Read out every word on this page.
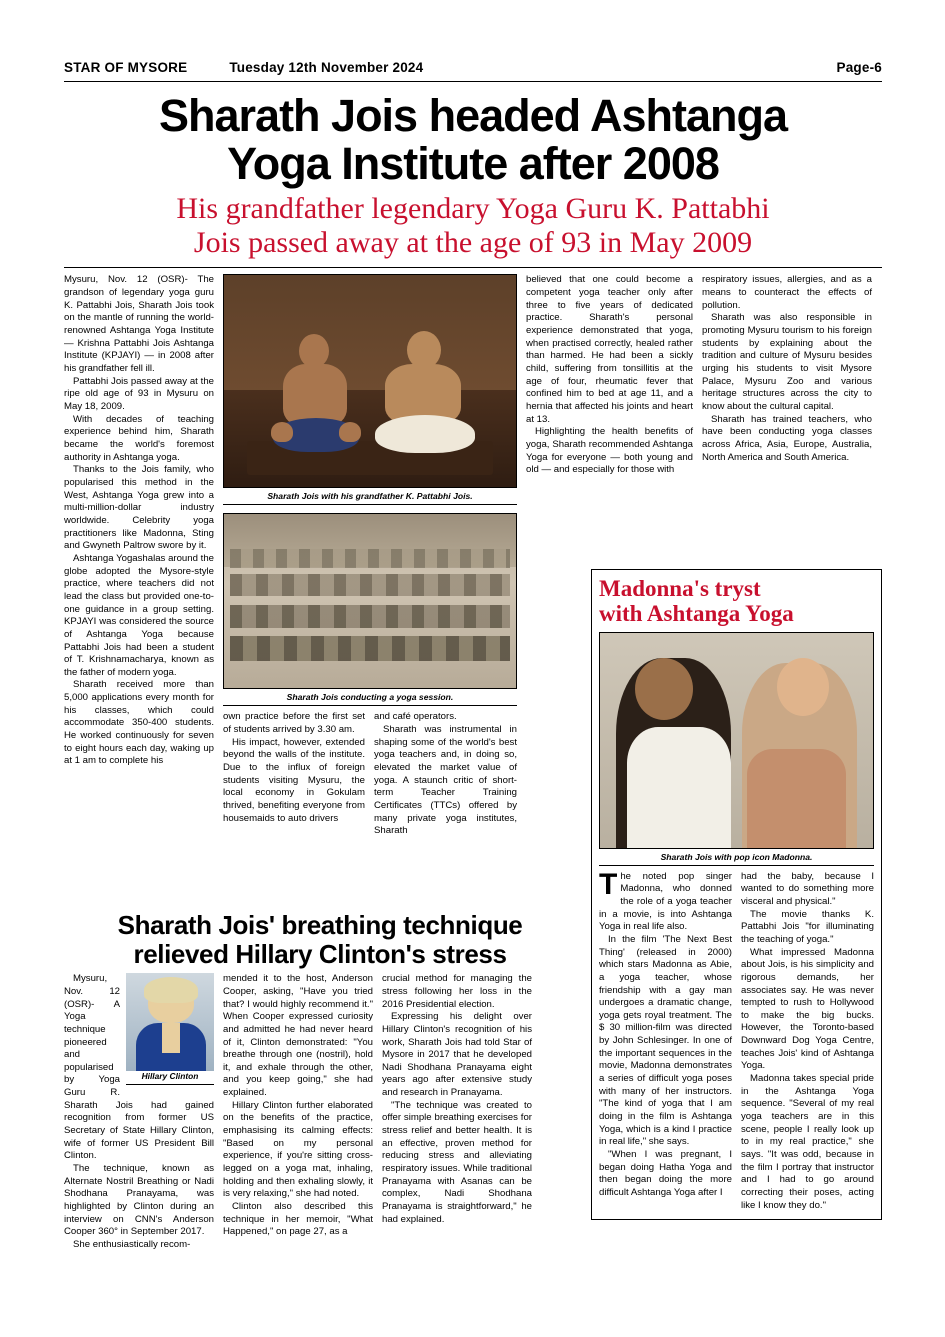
STAR OF MYSORE	Tuesday 12th November 2024	Page-6
Sharath Jois headed Ashtanga
Yoga Institute after 2008
His grandfather legendary Yoga Guru K. Pattabhi
Jois passed away at the age of 93 in May 2009

Mysuru, Nov. 12 (OSR)- The grandson of legendary yoga guru K. Pattabhi Jois, Sharath Jois took on the mantle of running the world-renowned Ashtanga Yoga Institute — Krishna Pattabhi Jois Ashtanga Institute (KPJAYI) — in 2008 after his grandfather fell ill.

Pattabhi Jois passed away at the ripe old age of 93 in Mysuru on May 18, 2009.

With decades of teaching experience behind him, Sharath became the world's foremost authority in Ashtanga yoga.

Thanks to the Jois family, who popularised this method in the West, Ashtanga Yoga grew into a multi-million-dollar industry worldwide. Celebrity yoga practitioners like Madonna, Sting and Gwyneth Paltrow swore by it.

Ashtanga Yogashalas around the globe adopted the Mysore-style practice, where teachers did not lead the class but provided one-to-one guidance in a group setting. KPJAYI was considered the source of Ashtanga Yoga because Pattabhi Jois had been a student of T. Krishnamacharya, known as the father of modern yoga.

Sharath received more than 5,000 applications every month for his classes, which could accommodate 350-400 students. He worked continuously for seven to eight hours each day, waking up at 1 am to complete his

Sharath Jois with his grandfather K. Pattabhi Jois.
Sharath Jois conducting a yoga session.

own practice before the first set of students arrived by 3.30 am.

His impact, however, extended beyond the walls of the institute. Due to the influx of foreign students visiting Mysuru, the local economy in Gokulam thrived, benefiting everyone from housemaids to auto drivers

and café operators.

Sharath was instrumental in shaping some of the world's best yoga teachers and, in doing so, elevated the market value of yoga. A staunch critic of short-term Teacher Training Certificates (TTCs) offered by many private yoga institutes, Sharath

believed that one could become a competent yoga teacher only after three to five years of dedicated practice. Sharath's personal experience demonstrated that yoga, when practised correctly, healed rather than harmed. He had been a sickly child, suffering from tonsillitis at the age of four, rheumatic fever that confined him to bed at age 11, and a hernia that affected his joints and heart at 13.

Highlighting the health benefits of yoga, Sharath recommended Ashtanga Yoga for everyone — both young and old — and especially for those with

respiratory issues, allergies, and as a means to counteract the effects of pollution.

Sharath was also responsible in promoting Mysuru tourism to his foreign students by explaining about the tradition and culture of Mysuru besides urging his students to visit Mysore Palace, Mysuru Zoo and various heritage structures across the city to know about the cultural capital.

Sharath has trained teachers, who have been conducting yoga classes across Africa, Asia, Europe, Australia, North America and South America.

Madonna's tryst
with Ashtanga Yoga
Sharath Jois with pop icon Madonna.

The noted pop singer Madonna, who donned the role of a yoga teacher in a movie, is into Ashtanga Yoga in real life also.

In the film 'The Next Best Thing' (released in 2000) which stars Madonna as Abie, a yoga teacher, whose friendship with a gay man undergoes a dramatic change, yoga gets royal treatment. The $ 30 million-film was directed by John Schlesinger. In one of the important sequences in the movie, Madonna demonstrates a series of difficult yoga poses with many of her instructors. "The kind of yoga that I am doing in the film is Ashtanga Yoga, which is a kind I practice in real life," she says.

"When I was pregnant, I began doing Hatha Yoga and then began doing the more difficult Ashtanga Yoga after I

had the baby, because I wanted to do something more visceral and physical."

The movie thanks K. Pattabhi Jois "for illuminating the teaching of yoga."

What impressed Madonna about Jois, is his simplicity and rigorous demands, her associates say. He was never tempted to rush to Hollywood to make the big bucks. However, the Toronto-based Downward Dog Yoga Centre, teaches Jois' kind of Ashtanga Yoga.

Madonna takes special pride in the Ashtanga Yoga sequence. "Several of my real yoga teachers are in this scene, people I really look up to in my real practice," she says. "It was odd, because in the film I portray that instructor and I had to go around correcting their poses, acting like I know they do."

Sharath Jois' breathing technique
relieved Hillary Clinton's stress
Hillary Clinton

Mysuru, Nov. 12 (OSR)- A Yoga technique pioneered and popularised by Yoga Guru R. Sharath Jois had gained recognition from former US Secretary of State Hillary Clinton, wife of former US President Bill Clinton.

The technique, known as Alternate Nostril Breathing or Nadi Shodhana Pranayama, was highlighted by Clinton during an interview on CNN's Anderson Cooper 360° in September 2017.

She enthusiastically recom-

mended it to the host, Anderson Cooper, asking, "Have you tried that? I would highly recommend it." When Cooper expressed curiosity and admitted he had never heard of it, Clinton demonstrated: "You breathe through one (nostril), hold it, and exhale through the other, and you keep going," she had explained.

Hillary Clinton further elaborated on the benefits of the practice, emphasising its calming effects: "Based on my personal experience, if you're sitting cross-legged on a yoga mat, inhaling, holding and then exhaling slowly, it is very relaxing," she had noted.

Clinton also described this technique in her memoir, "What Happened," on page 27, as a

crucial method for managing the stress following her loss in the 2016 Presidential election.

Expressing his delight over Hillary Clinton's recognition of his work, Sharath Jois had told Star of Mysore in 2017 that he developed Nadi Shodhana Pranayama eight years ago after extensive study and research in Pranayama.

"The technique was created to offer simple breathing exercises for stress relief and better health. It is an effective, proven method for reducing stress and alleviating respiratory issues. While traditional Pranayama with Asanas can be complex, Nadi Shodhana Pranayama is straightforward," he had explained.
